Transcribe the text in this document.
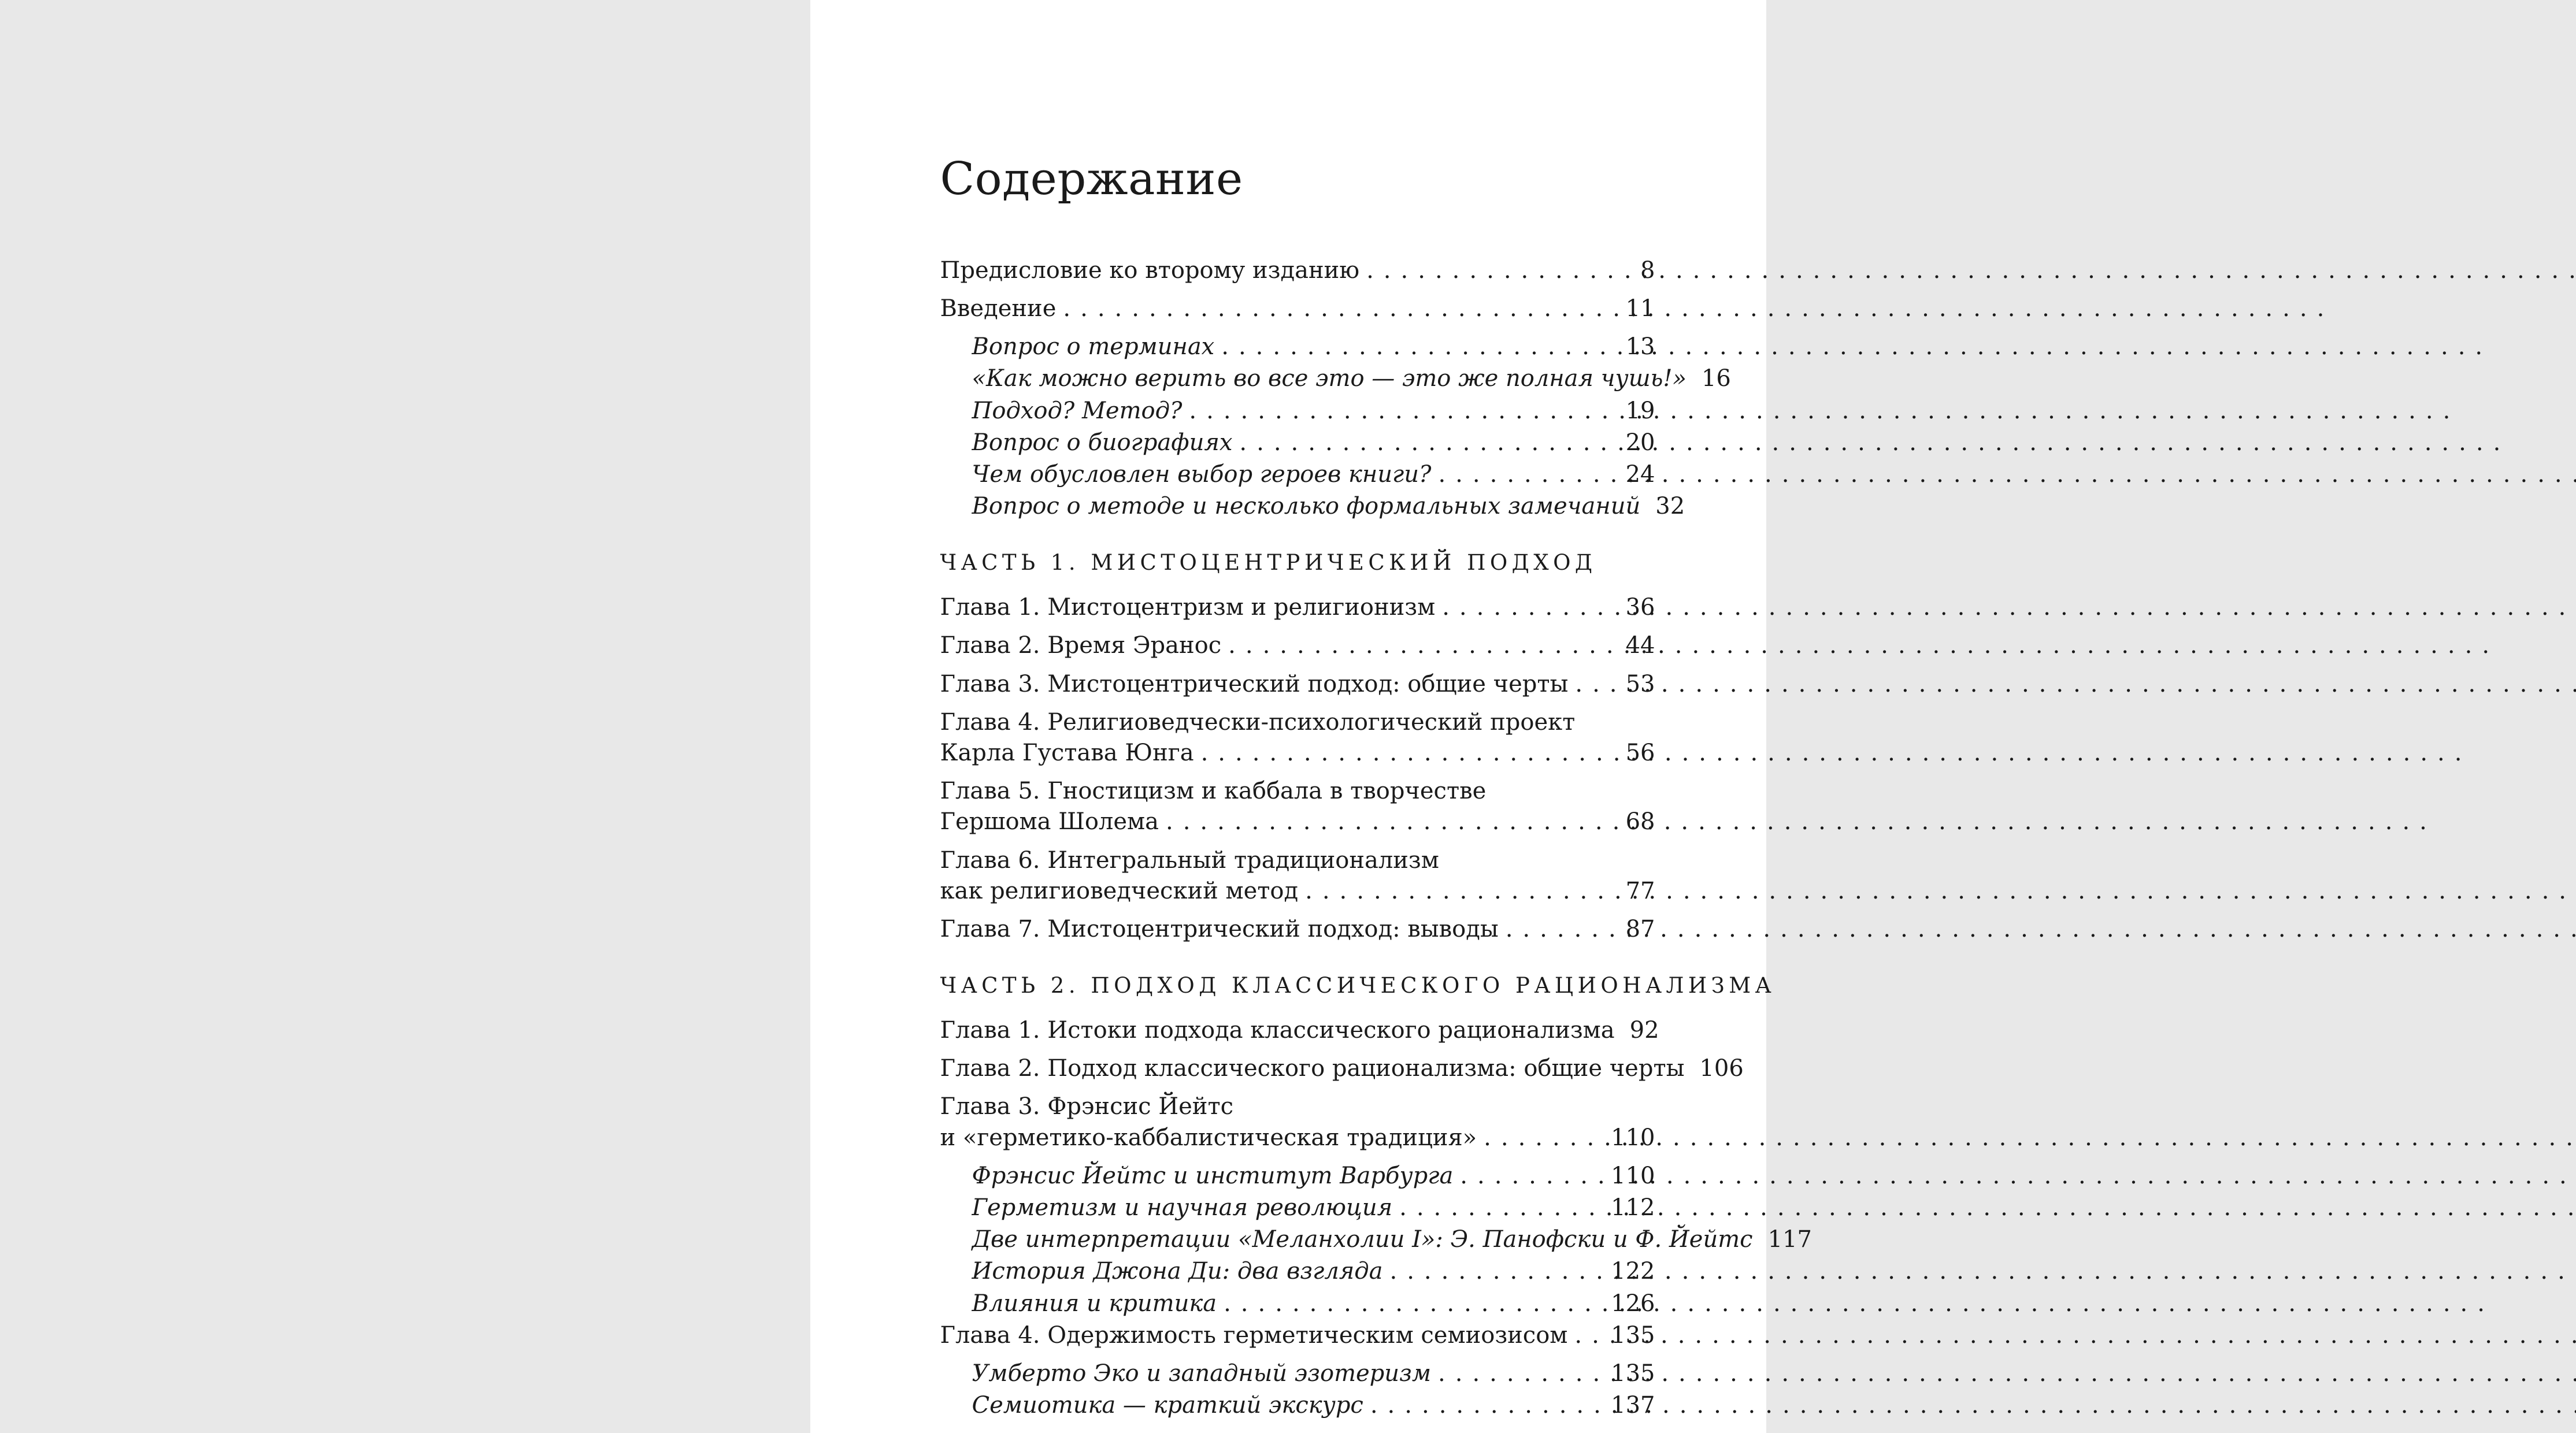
Содержание
Предисловие ко второму изданию .....	8
Введение .....	11
Вопрос о терминах .....	13
«Как можно верить во все это — это же полная чушь!» 16
Подход? Метод? .....	19
Вопрос о биографиях .....	20
Чем обусловлен выбор героев книги? .....	24
Вопрос о методе и несколько формальных замечаний 32
ЧАСТЬ 1. МИСТОЦЕНТРИЧЕСКИЙ ПОДХОД
Глава 1. Мистоцентризм и религионизм .....	36
Глава 2. Время Эранос .....	44
Глава 3. Мистоцентрический подход: общие черты ..... 53
Глава 4. Религиоведчески-психологический проект
Карла Густава Юнга .....	56
Глава 5. Гностицизм и каббала в творчестве
Гершома Шолема .....	68
Глава 6. Интегральный традиционализм
как религиоведческий метод .....	77
Глава 7. Мистоцентрический подход: выводы .....	87
ЧАСТЬ 2. ПОДХОД КЛАССИЧЕСКОГО РАЦИОНАЛИЗМА
Глава 1. Истоки подхода классического рационализма 92
Глава 2. Подход классического рационализма: общие черты 106
Глава 3. Фрэнсис Йейтс
и «герметико-каббалистическая традиция» .....	110
Фрэнсис Йейтс и институт Варбурга .....	110
Герметизм и научная революция .....	112
Две интерпретации «Меланхолии I»: Э. Панофски и Ф. Йейтс 117
История Джона Ди: два взгляда .....	122
Влияния и критика .....	126
Глава 4. Одержимость герметическим семиозисом ..... 135
Умберто Эко и западный эзотеризм .....	135
Семиотика — краткий экскурс .....	137
